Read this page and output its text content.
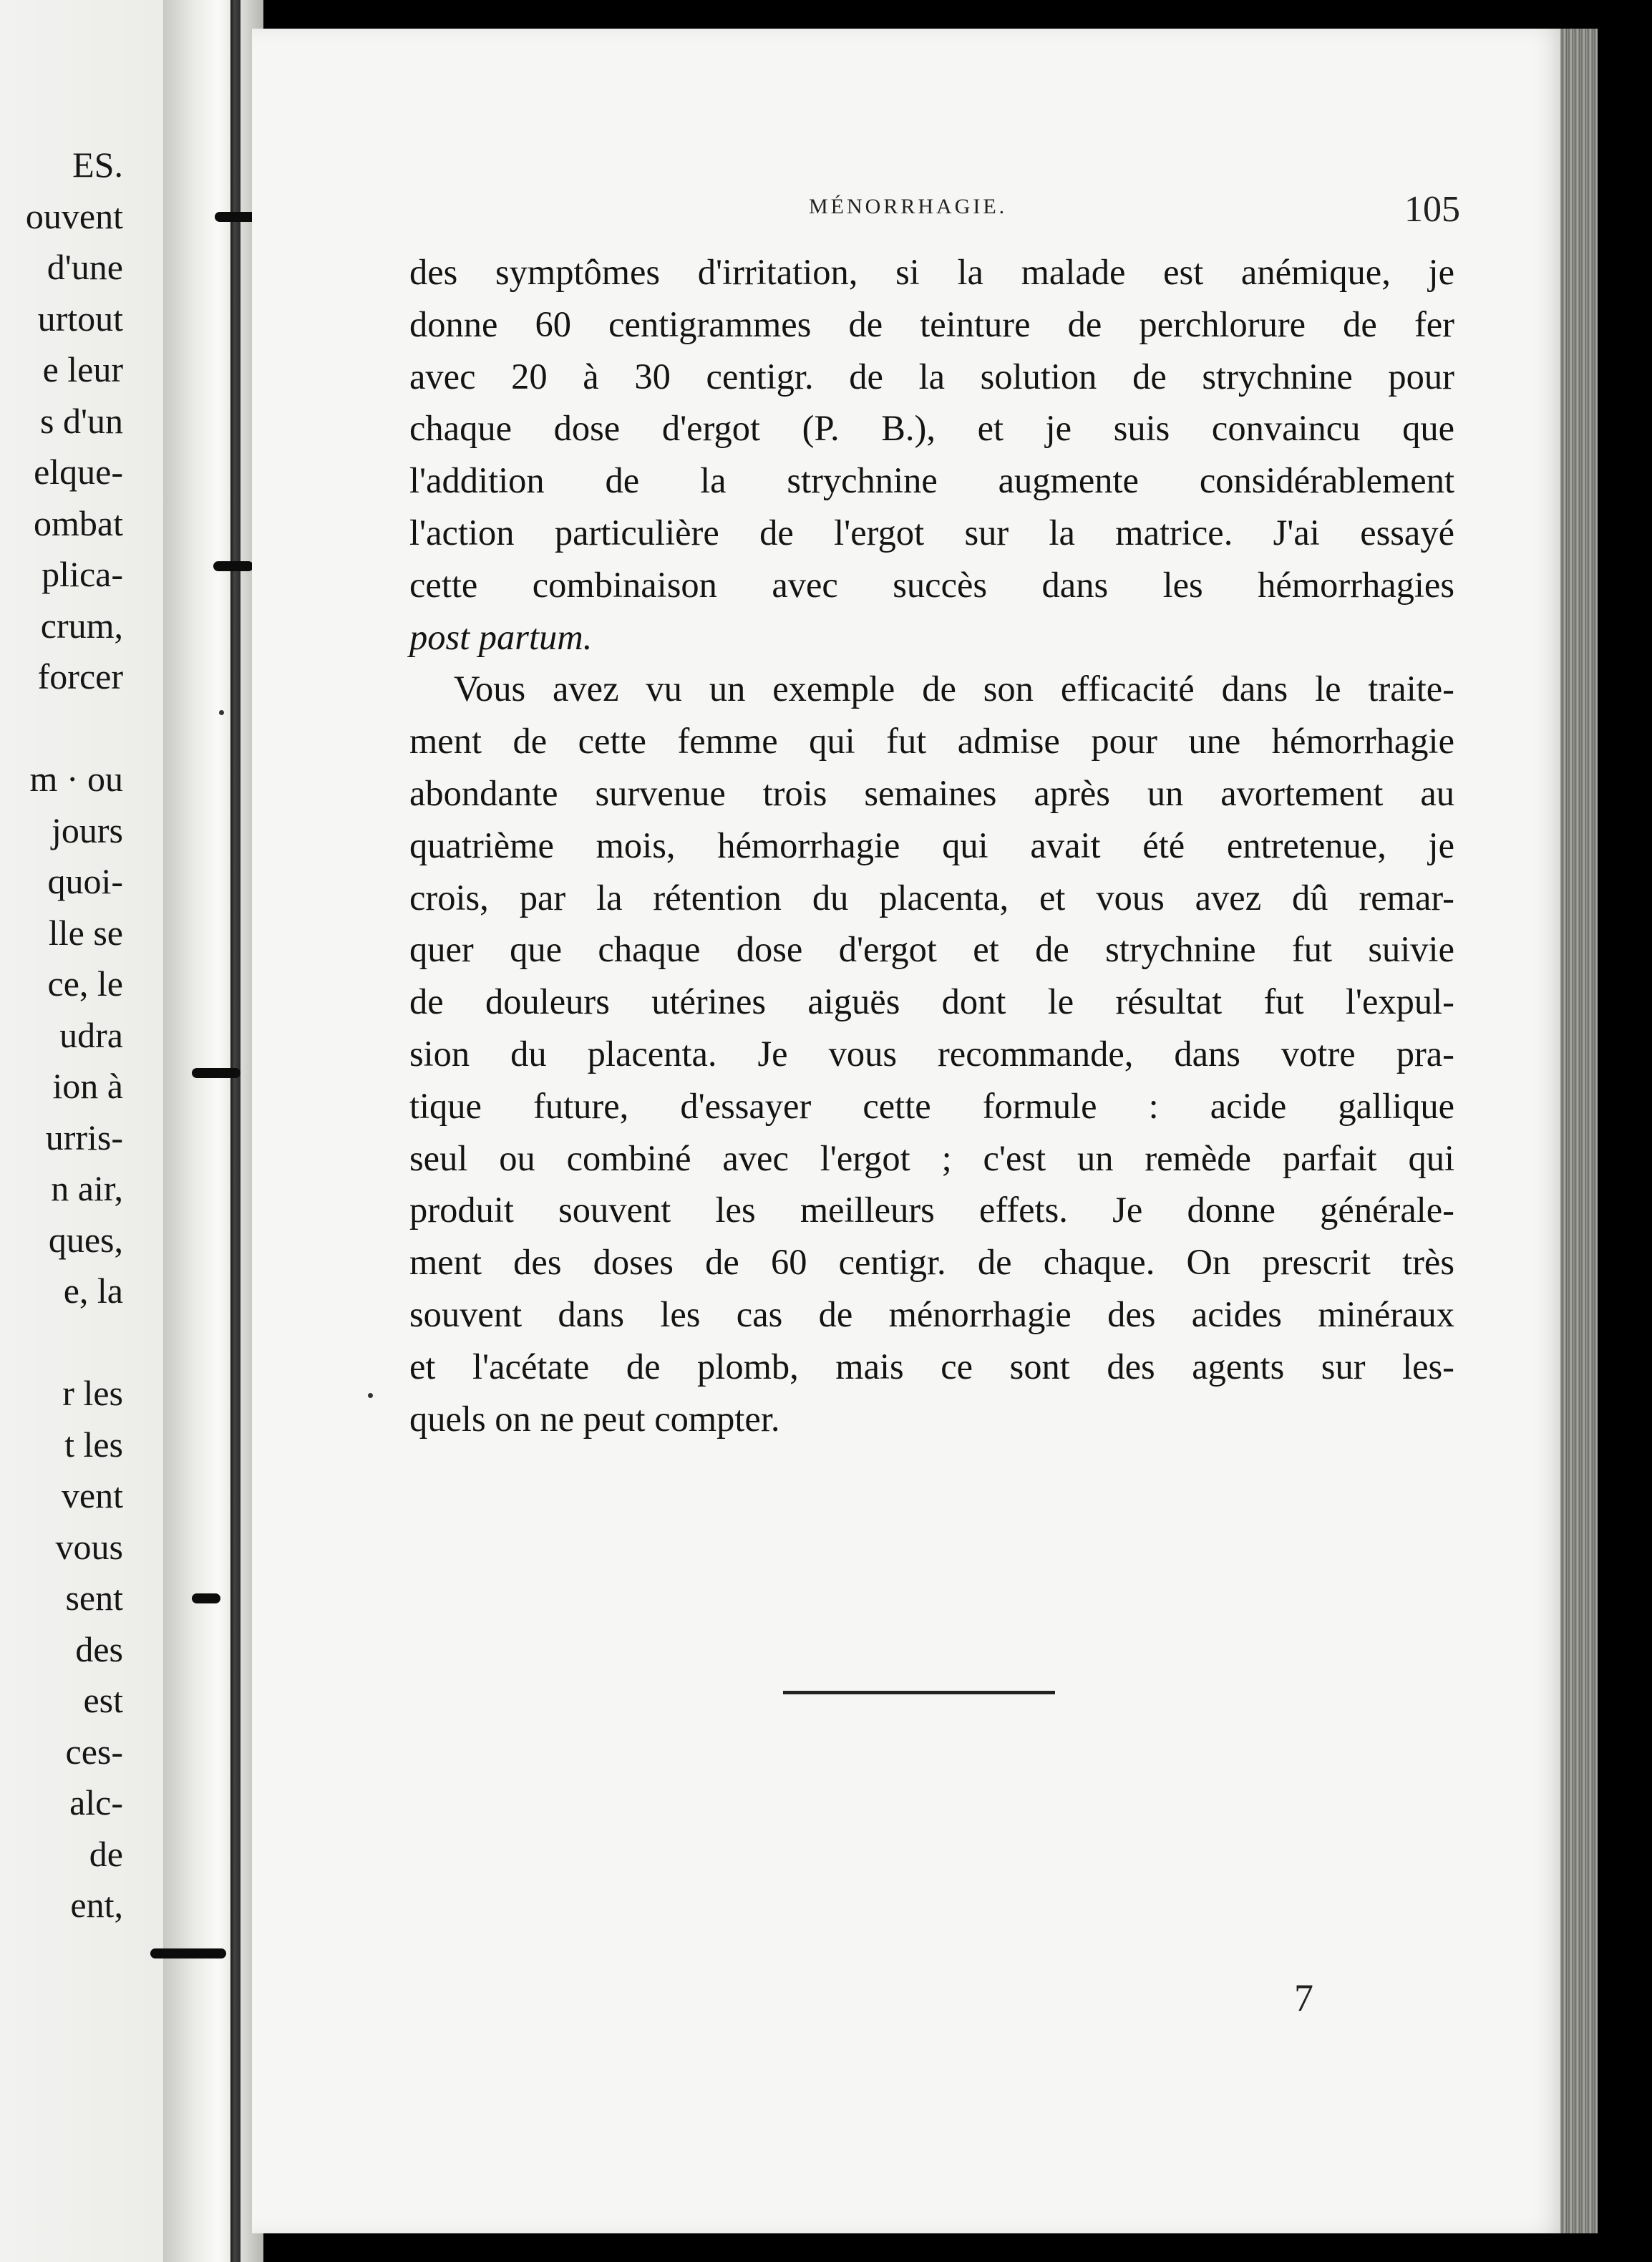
ES.
ouvent
d'une
urtout
e leur
s d'un
elque-
ombat
plica-
crum,
forcer
m · ou
jours
quoi-
lle se
ce, le
udra
ion à
urris-
n air,
ques,
e, la
r les
t les
vent
vous
sent
des
est
ces-
alc-
de
ent,
MÉNORRHAGIE.	105
des symptômes d'irritation, si la malade est anémique, je
donne 60 centigrammes de teinture de perchlorure de fer
avec 20 à 30 centigr. de la solution de strychnine pour
chaque dose d'ergot (P. B.), et je suis convaincu que
l'addition de la strychnine augmente considérablement
l'action particulière de l'ergot sur la matrice. J'ai essayé
cette combinaison avec succès dans les hémorrhagies
post partum.
Vous avez vu un exemple de son efficacité dans le traite-
ment de cette femme qui fut admise pour une hémorrhagie
abondante survenue trois semaines après un avortement au
quatrième mois, hémorrhagie qui avait été entretenue, je
crois, par la rétention du placenta, et vous avez dû remar-
quer que chaque dose d'ergot et de strychnine fut suivie
de douleurs utérines aiguës dont le résultat fut l'expul-
sion du placenta. Je vous recommande, dans votre pra-
tique future, d'essayer cette formule : acide gallique
seul ou combiné avec l'ergot ; c'est un remède parfait qui
produit souvent les meilleurs effets. Je donne générale-
ment des doses de 60 centigr. de chaque. On prescrit très
souvent dans les cas de ménorrhagie des acides minéraux
et l'acétate de plomb, mais ce sont des agents sur les-
quels on ne peut compter.
7
